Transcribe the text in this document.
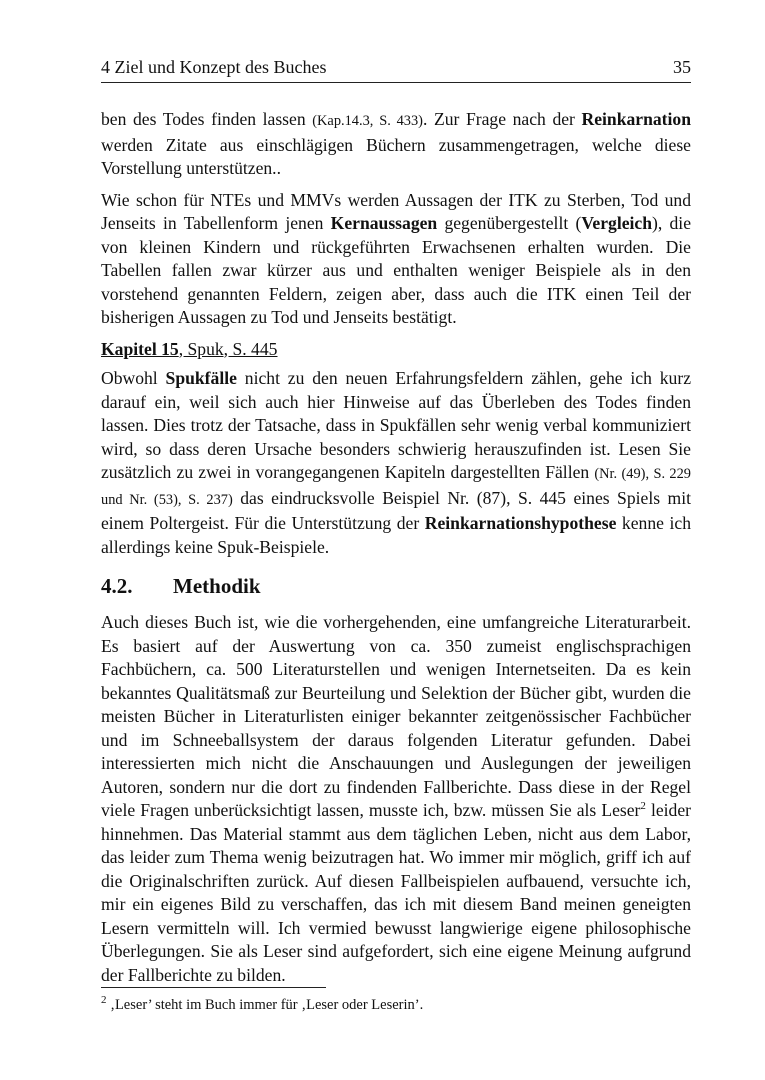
4 Ziel und Konzept des Buches	35

ben des Todes finden lassen (Kap.14.3, S. 433). Zur Frage nach der Reinkarnation werden Zitate aus einschlägigen Büchern zusammengetragen, welche diese Vorstellung unterstützen..

Wie schon für NTEs und MMVs werden Aussagen der ITK zu Sterben, Tod und Jenseits in Tabellenform jenen Kernaussagen gegenübergestellt (Vergleich), die von kleinen Kindern und rückgeführten Erwachsenen erhalten wurden. Die Tabellen fallen zwar kürzer aus und enthalten weniger Beispiele als in den vorstehend genannten Feldern, zeigen aber, dass auch die ITK einen Teil der bisherigen Aussagen zu Tod und Jenseits bestätigt.

Kapitel 15, Spuk, S. 445

Obwohl Spukfälle nicht zu den neuen Erfahrungsfeldern zählen, gehe ich kurz darauf ein, weil sich auch hier Hinweise auf das Überleben des Todes finden lassen. Dies trotz der Tatsache, dass in Spukfällen sehr wenig verbal kommuniziert wird, so dass deren Ursache besonders schwierig herauszufinden ist. Lesen Sie zusätzlich zu zwei in vorangegangenen Kapiteln dargestellten Fällen (Nr. (49), S. 229 und Nr. (53), S. 237) das eindrucksvolle Beispiel Nr. (87), S. 445 eines Spiels mit einem Poltergeist. Für die Unterstützung der Reinkarnationshypothese kenne ich allerdings keine Spuk-Beispiele.

4.2.	Methodik

Auch dieses Buch ist, wie die vorhergehenden, eine umfangreiche Literaturarbeit. Es basiert auf der Auswertung von ca. 350 zumeist englischsprachigen Fachbüchern, ca. 500 Literaturstellen und wenigen Internetseiten. Da es kein bekanntes Qualitätsmaß zur Beurteilung und Selektion der Bücher gibt, wurden die meisten Bücher in Literaturlisten einiger bekannter zeitgenössischer Fachbücher und im Schneeballsystem der daraus folgenden Literatur gefunden. Dabei interessierten mich nicht die Anschauungen und Auslegungen der jeweiligen Autoren, sondern nur die dort zu findenden Fallberichte. Dass diese in der Regel viele Fragen unberücksichtigt lassen, musste ich, bzw. müssen Sie als Leser$^2$ leider hinnehmen. Das Material stammt aus dem täglichen Leben, nicht aus dem Labor, das leider zum Thema wenig beizutragen hat. Wo immer mir möglich, griff ich auf die Originalschriften zurück. Auf diesen Fallbeispielen aufbauend, versuchte ich, mir ein eigenes Bild zu verschaffen, das ich mit diesem Band meinen geneigten Lesern vermitteln will. Ich vermied bewusst langwierige eigene philosophische Überlegungen. Sie als Leser sind aufgefordert, sich eine eigene Meinung aufgrund der Fallberichte zu bilden.

$^2$ ‚Leser’ steht im Buch immer für ‚Leser oder Leserin’.
